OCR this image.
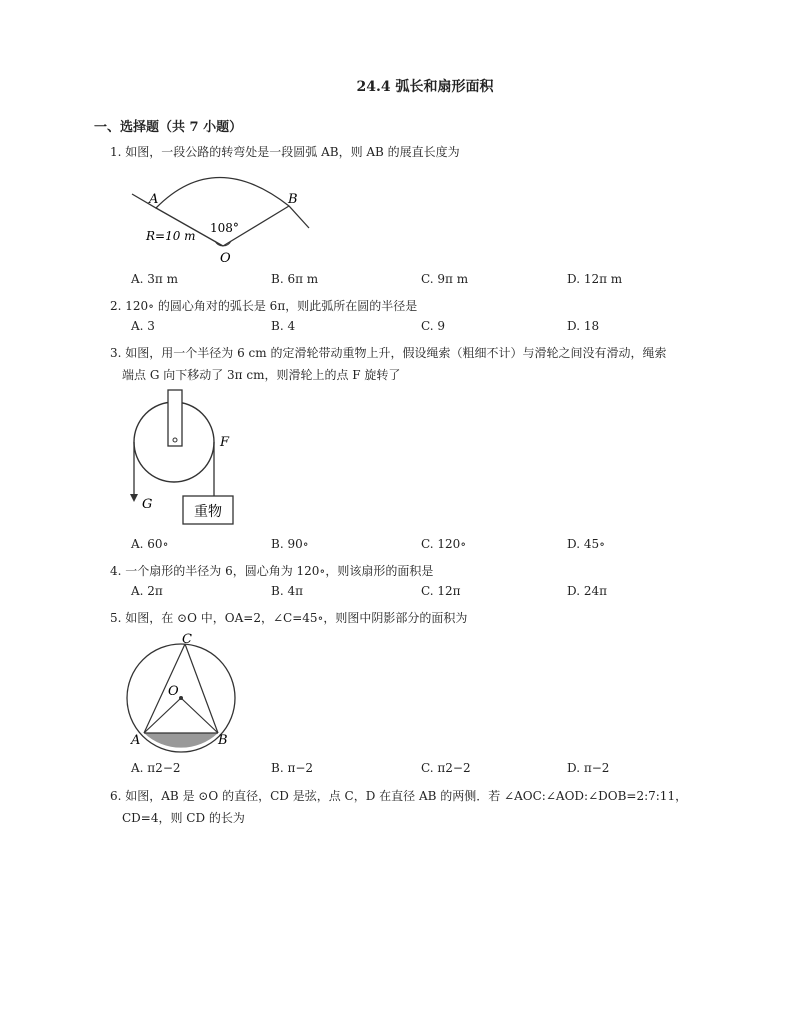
24.4 弧长和扇形面积
一、选择题（共 7 小题）
1. 如图，一段公路的转弯处是一段圆弧 AB，则 AB 的展直长度为
A	B
O
108°
R=10 m
A. 3π m	B. 6π m	C. 9π m	D. 12π m
2. 120∘ 的圆心角对的弧长是 6π，则此弧所在圆的半径是
A. 3	B. 4	C. 9	D. 18
3. 如图，用一个半径为 6 cm 的定滑轮带动重物上升，假设绳索（粗细不计）与滑轮之间没有滑动，绳索
端点 G 向下移动了 3π cm，则滑轮上的点 F 旋转了
重物
F
G
A. 60∘	B. 90∘	C. 120∘	D. 45∘
4. 一个扇形的半径为 6，圆心角为 120∘，则该扇形的面积是
A. 2π	B. 4π	C. 12π	D. 24π
5. 如图，在 ⊙O 中，OA=2，∠C=45∘，则图中阴影部分的面积为
C
O
A	B
A. π2−2	B. π−2	C. π2−2	D. π−2
6. 如图，AB 是 ⊙O 的直径，CD 是弦，点 C，D 在直径 AB 的两侧．若 ∠AOC:∠AOD:∠DOB=2:7:11，
CD=4，则 CD 的长为
